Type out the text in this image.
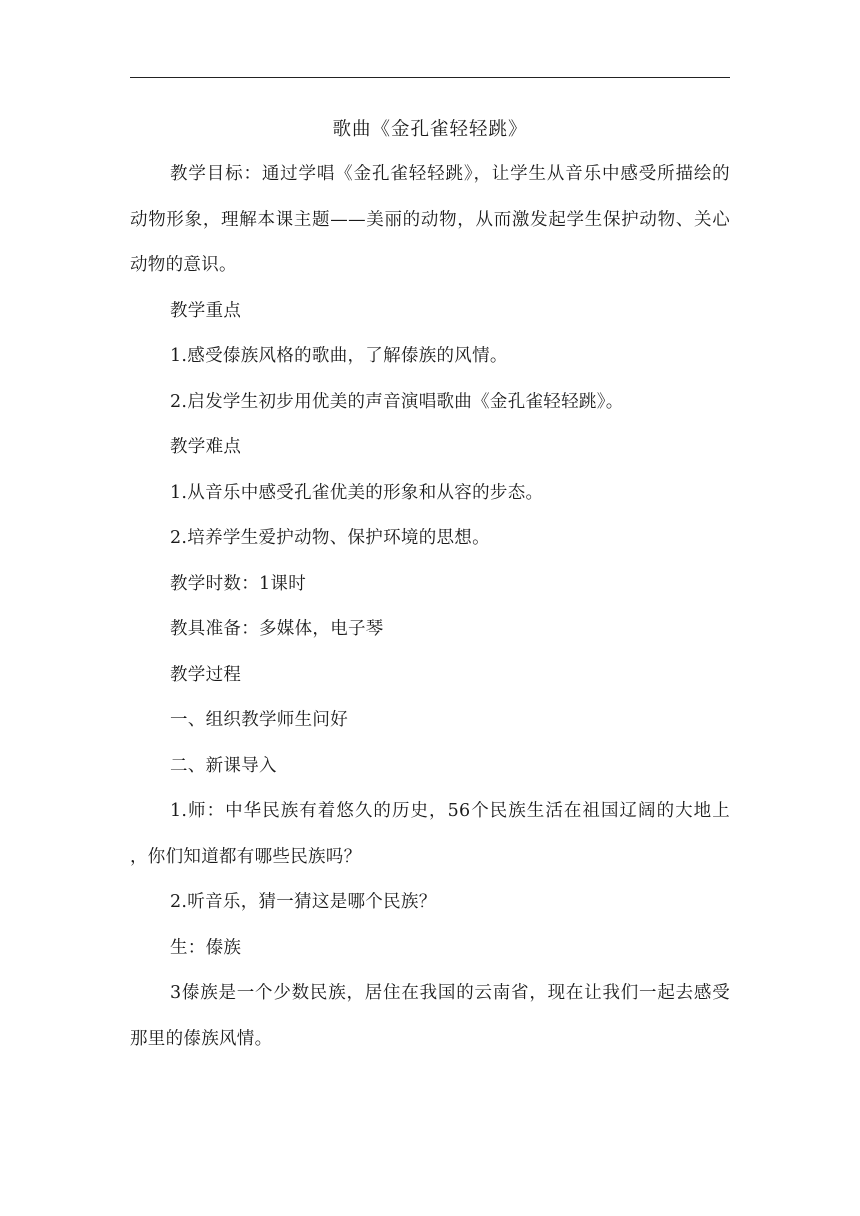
歌曲《金孔雀轻轻跳》

教学目标：通过学唱《金孔雀轻轻跳》，让学生从音乐中感受所描绘的动物形象，理解本课主题——美丽的动物，从而激发起学生保护动物、关心动物的意识。

教学重点

1.感受傣族风格的歌曲，了解傣族的风情。

2.启发学生初步用优美的声音演唱歌曲《金孔雀轻轻跳》。

教学难点

1.从音乐中感受孔雀优美的形象和从容的步态。

2.培养学生爱护动物、保护环境的思想。

教学时数：1课时

教具准备：多媒体，电子琴

教学过程

一、组织教学师生问好

二、新课导入

1.师：中华民族有着悠久的历史，56个民族生活在祖国辽阔的大地上 ，你们知道都有哪些民族吗？

2.听音乐，猜一猜这是哪个民族？

生：傣族

3傣族是一个少数民族，居住在我国的云南省，现在让我们一起去感受那里的傣族风情。
